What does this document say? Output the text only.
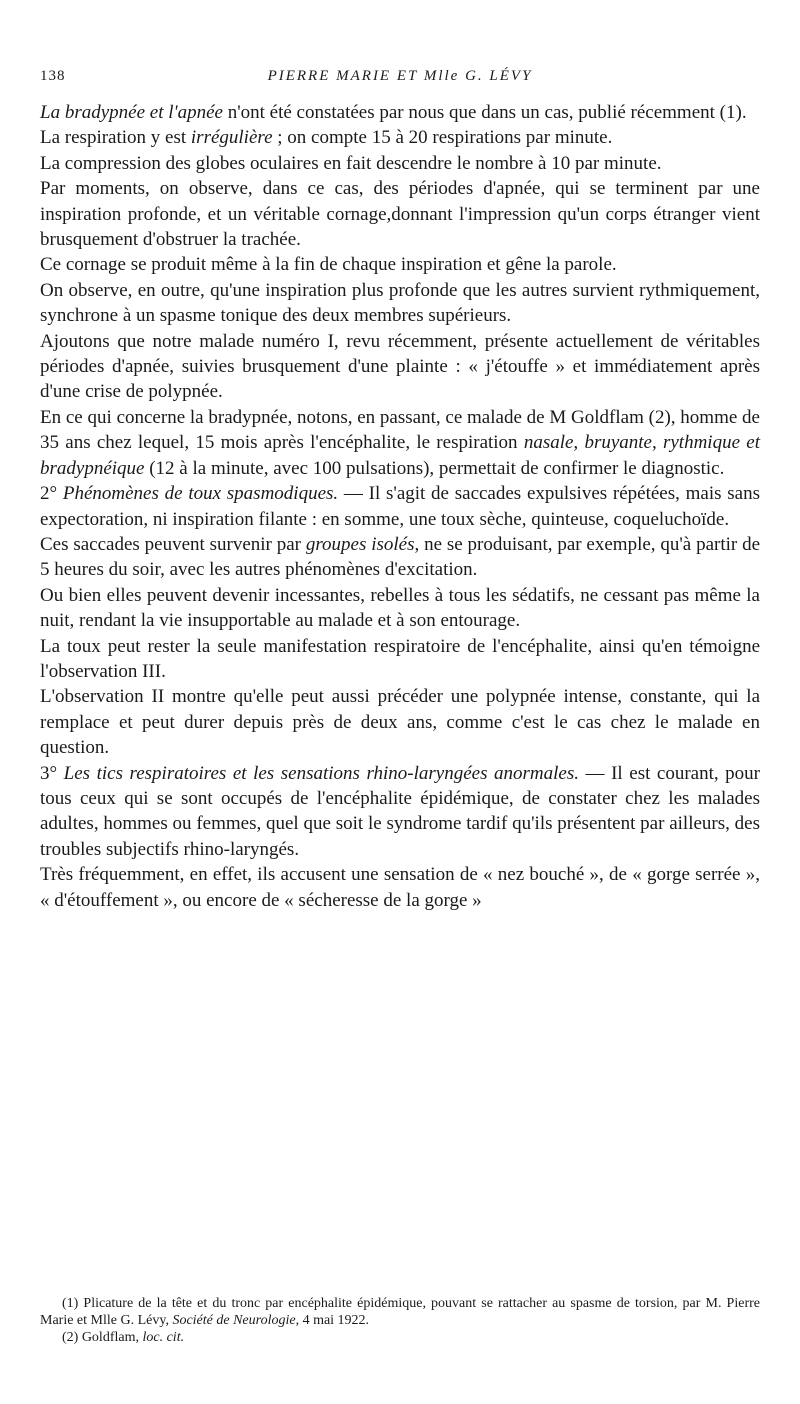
138	PIERRE MARIE ET Mlle G. LÉVY

La bradypnée et l'apnée n'ont été constatées par nous que dans un cas, publié récemment (1).

La respiration y est irrégulière ; on compte 15 à 20 respirations par minute.

La compression des globes oculaires en fait descendre le nombre à 10 par minute.

Par moments, on observe, dans ce cas, des périodes d'apnée, qui se terminent par une inspiration profonde, et un véritable cornage,donnant l'impression qu'un corps étranger vient brusquement d'obstruer la trachée.

Ce cornage se produit même à la fin de chaque inspiration et gêne la parole.

On observe, en outre, qu'une inspiration plus profonde que les autres survient rythmiquement, synchrone à un spasme tonique des deux membres supérieurs.

Ajoutons que notre malade numéro I, revu récemment, présente actuellement de véritables périodes d'apnée, suivies brusquement d'une plainte : « j'étouffe » et immédiatement après d'une crise de polypnée.

En ce qui concerne la bradypnée, notons, en passant, ce malade de M Goldflam (2), homme de 35 ans chez lequel, 15 mois après l'encéphalite, le respiration nasale, bruyante, rythmique et bradypnéique (12 à la minute, avec 100 pulsations), permettait de confirmer le diagnostic.

2° Phénomènes de toux spasmodiques. — Il s'agit de saccades expulsives répétées, mais sans expectoration, ni inspiration filante : en somme, une toux sèche, quinteuse, coqueluchoïde.

Ces saccades peuvent survenir par groupes isolés, ne se produisant, par exemple, qu'à partir de 5 heures du soir, avec les autres phénomènes d'excitation.

Ou bien elles peuvent devenir incessantes, rebelles à tous les sédatifs, ne cessant pas même la nuit, rendant la vie insupportable au malade et à son entourage.

La toux peut rester la seule manifestation respiratoire de l'encéphalite, ainsi qu'en témoigne l'observation III.

L'observation II montre qu'elle peut aussi précéder une polypnée intense, constante, qui la remplace et peut durer depuis près de deux ans, comme c'est le cas chez le malade en question.

3° Les tics respiratoires et les sensations rhino-laryngées anormales. — Il est courant, pour tous ceux qui se sont occupés de l'encéphalite épidémique, de constater chez les malades adultes, hommes ou femmes, quel que soit le syndrome tardif qu'ils présentent par ailleurs, des troubles subjectifs rhino-laryngés.

Très fréquemment, en effet, ils accusent une sensation de « nez bouché », de « gorge serrée », « d'étouffement », ou encore de « sécheresse de la gorge »

(1) Plicature de la tête et du tronc par encéphalite épidémique, pouvant se rattacher au spasme de torsion, par M. Pierre Marie et Mlle G. Lévy, Société de Neurologie, 4 mai 1922.

(2) Goldflam, loc. cit.
